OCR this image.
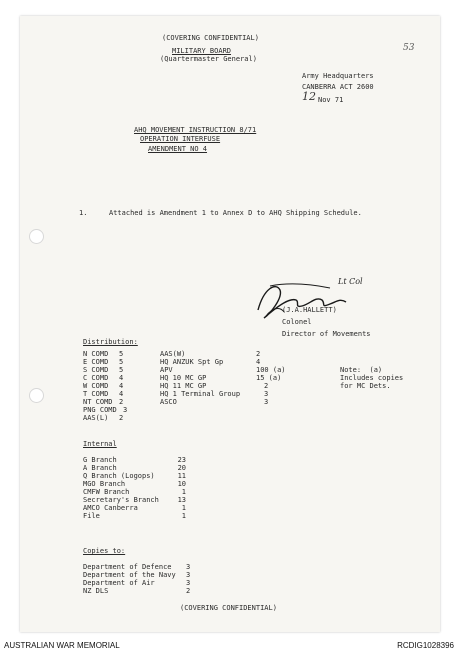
53
(COVERING CONFIDENTIAL)
MILITARY BOARD
(Quartermaster General)
Army Headquarters
CANBERRA ACT 2600
12 Nov 71
AHQ MOVEMENT INSTRUCTION 8/71
OPERATION INTERFUSE
AMENDMENT NO 4
1.	Attached is Amendment 1 to Annex D to AHQ Shipping Schedule.
Lt Col
(J.A.HALLETT)
Colonel
Director of Movements
Distribution:
N COMD
E COMD
S COMD
C COMD
W COMD
T COMD
NT COMD
PNG COMD
AAS(L)
5
5
5
4
4
4
2
3
2
AAS(W)
HQ ANZUK Spt Gp
APV
HQ 10 MC GP
HQ 11 MC GP
HQ 1 Terminal Group
ASCO
2
4
100 (a)
15 (a)
2
3
3
Note:  (a)
Includes copies
for MC Dets.
Internal
G Branch
A Branch
Q Branch (Logops)
MGO Branch
CMFW Branch
Secretary's Branch
AMCO Canberra
File
23
20
11
10
1
13
1
1
Copies to:
Department of Defence
Department of the Navy
Department of Air
NZ DLS
3
3
3
2
(COVERING CONFIDENTIAL)
AUSTRALIAN WAR MEMORIAL	RCDIG1028396
